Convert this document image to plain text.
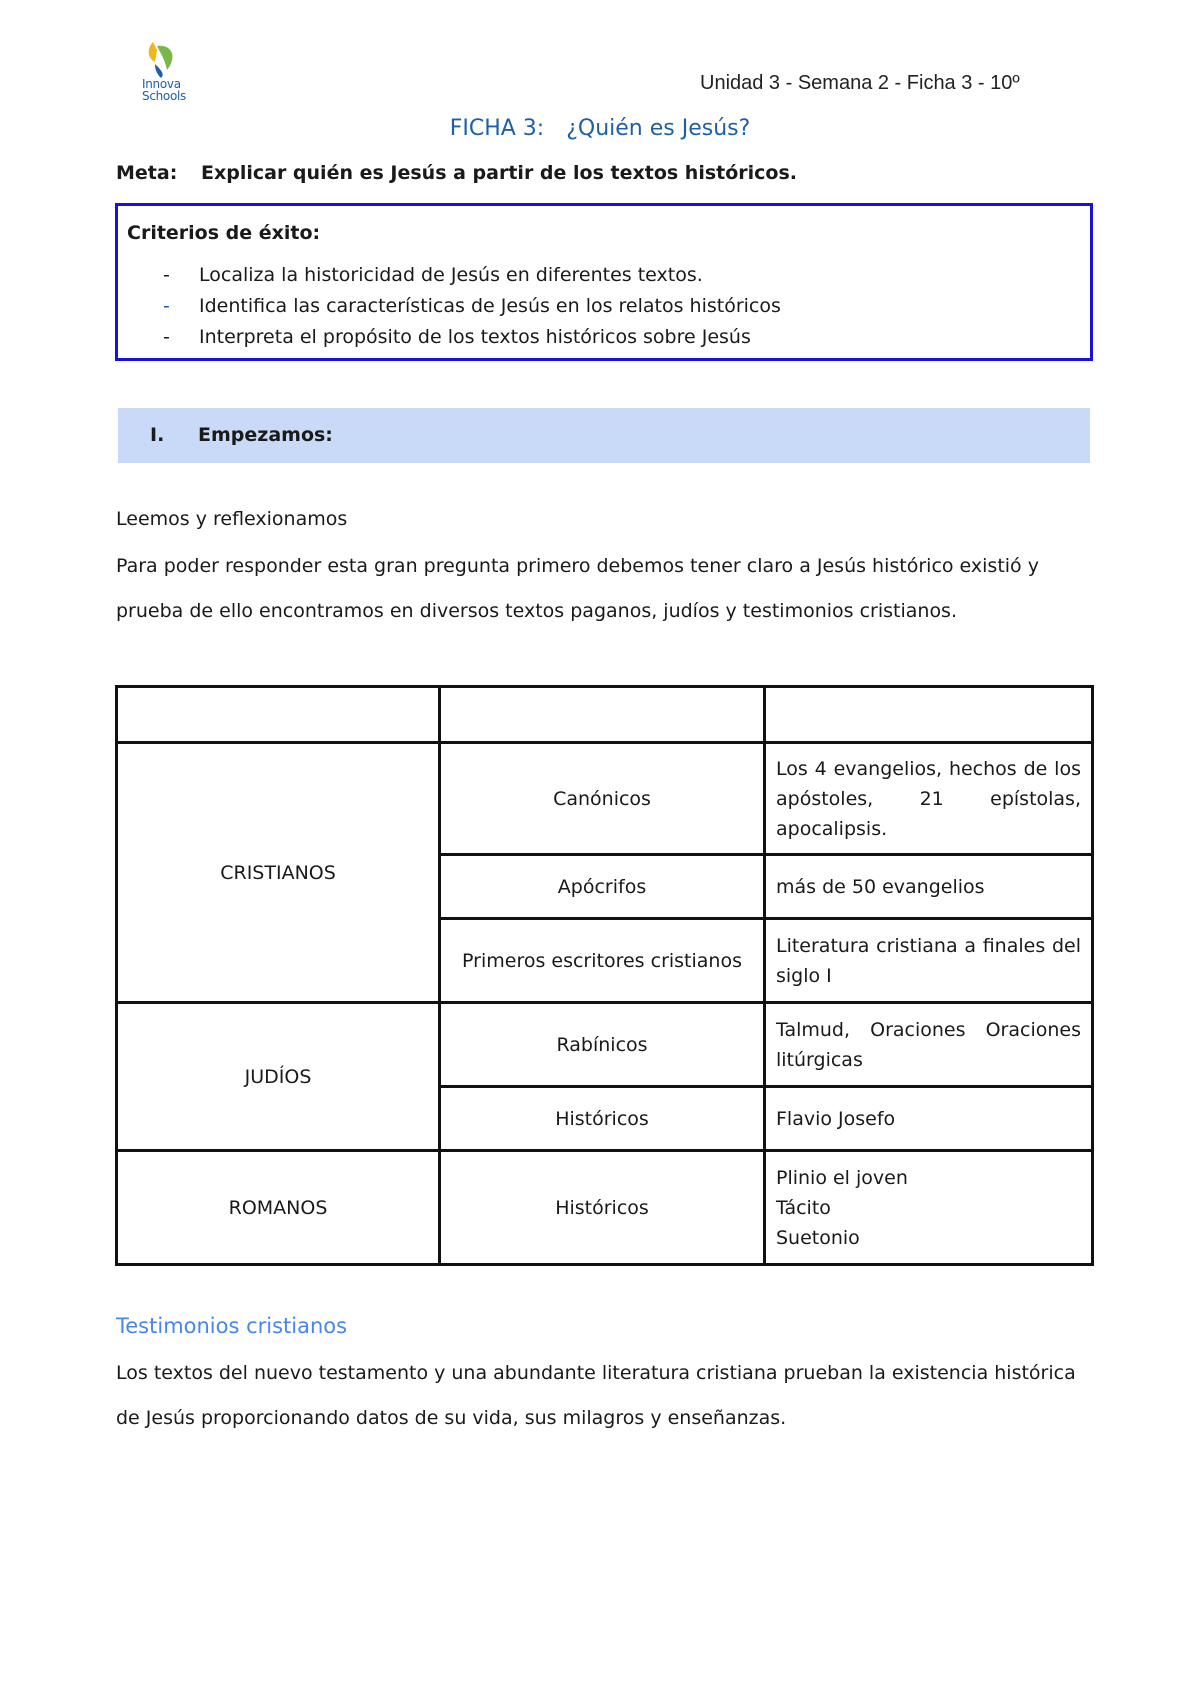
Innova
Schools
Unidad 3 - Semana 2 - Ficha 3 - 10º
FICHA 3: ¿Quién es Jesús?
Meta: Explicar quién es Jesús a partir de los textos históricos.
Criterios de éxito:
- Localiza la historicidad de Jesús en diferentes textos.
- Identifica las características de Jesús en los relatos históricos
- Interpreta el propósito de los textos históricos sobre Jesús
I. Empezamos:
Leemos y reflexionamos
Para poder responder esta gran pregunta primero debemos tener claro a Jesús histórico existió y
prueba de ello encontramos en diversos textos paganos, judíos y testimonios cristianos.

CRISTIANOS	Canónicos	Los 4 evangelios, hechos de los apóstoles, 21 epístolas, apocalipsis.
	Apócrifos	más de 50 evangelios
	Primeros escritores cristianos	Literatura cristiana a finales del siglo I
JUDÍOS	Rabínicos	Talmud, Oraciones Oraciones litúrgicas
	Históricos	Flavio Josefo
ROMANOS	Históricos	Plinio el joven
Tácito
Suetonio
Testimonios cristianos
Los textos del nuevo testamento y una abundante literatura cristiana prueban la existencia histórica
de Jesús proporcionando datos de su vida, sus milagros y enseñanzas.
